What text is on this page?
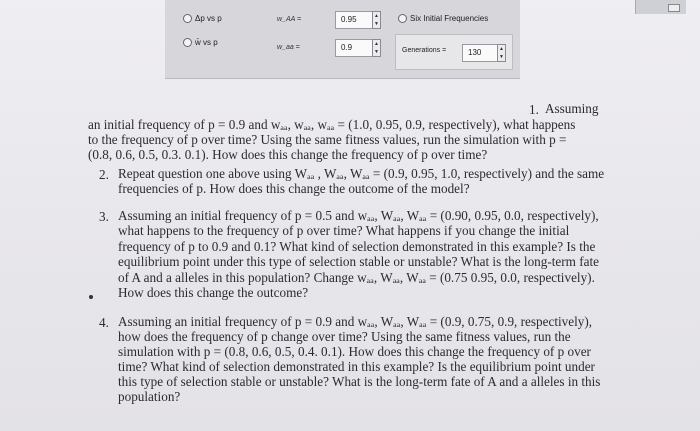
Δp vs p
w̄ vs p
w_AA =	0.95	▲
▼
w_aa =	0.9	▲
▼
Six Initial Frequencies
Generations =	130	▲
▼
1. Assuming
an initial frequency of p = 0.9 and wₐₐ, wₐₐ, wₐₐ = (1.0, 0.95, 0.9, respectively), what happens
to the frequency of p over time? Using the same fitness values, run the simulation with p =
(0.8, 0.6, 0.5, 0.3. 0.1). How does this change the frequency of p over time?
2. Repeat question one above using Wₐₐ , Wₐₐ, Wₐₐ = (0.9, 0.95, 1.0, respectively) and the same
frequencies of p. How does this change the outcome of the model?
3. Assuming an initial frequency of p = 0.5 and wₐₐ, Wₐₐ, Wₐₐ = (0.90, 0.95, 0.0, respectively),
what happens to the frequency of p over time? What happens if you change the initial
frequency of p to 0.9 and 0.1? What kind of selection demonstrated in this example? Is the
equilibrium point under this type of selection stable or unstable? What is the long-term fate
of A and a alleles in this population? Change wₐₐ, Wₐₐ, Wₐₐ = (0.75 0.95, 0.0, respectively).
How does this change the outcome?
4. Assuming an initial frequency of p = 0.9 and wₐₐ, Wₐₐ, Wₐₐ = (0.9, 0.75, 0.9, respectively),
how does the frequency of p change over time? Using the same fitness values, run the
simulation with p = (0.8, 0.6, 0.5, 0.4. 0.1). How does this change the frequency of p over
time? What kind of selection demonstrated in this example? Is the equilibrium point under
this type of selection stable or unstable? What is the long-term fate of A and a alleles in this
population?
